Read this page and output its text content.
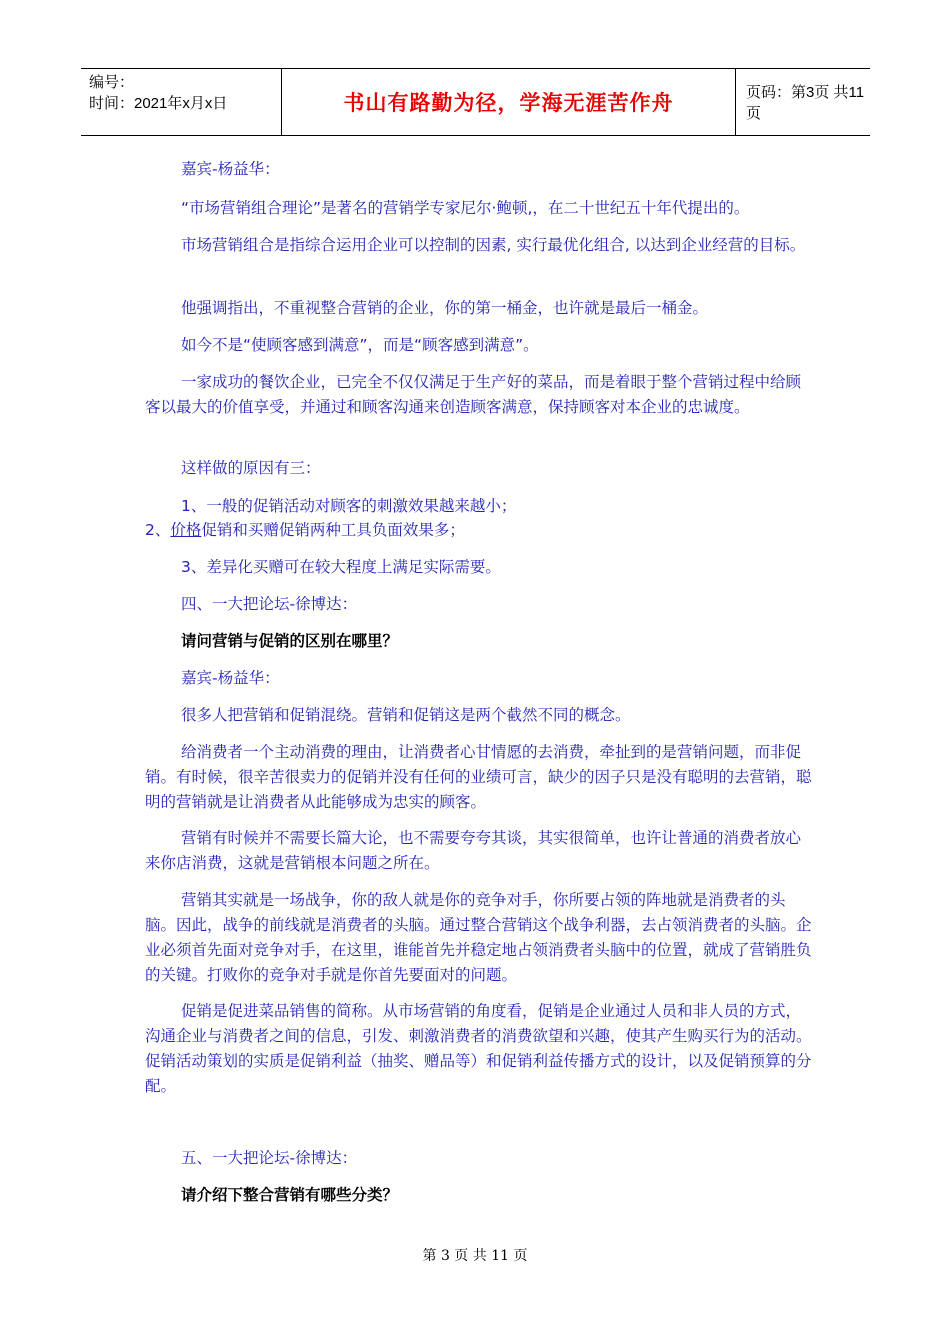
编号：
时间：2021年x月x日	书山有路勤为径，学海无涯苦作舟	页码：第3页 共11页

嘉宾-杨益华：

“市场营销组合理论”是著名的营销学专家尼尔·鲍顿,，在二十世纪五十年代提出的。

市场营销组合是指综合运用企业可以控制的因素, 实行最优化组合, 以达到企业经营的目标。

他强调指出，不重视整合营销的企业，你的第一桶金，也许就是最后一桶金。

如今不是“使顾客感到满意”，而是“顾客感到满意”。

一家成功的餐饮企业，已完全不仅仅满足于生产好的菜品，而是着眼于整个营销过程中给顾客以最大的价值享受，并通过和顾客沟通来创造顾客满意，保持顾客对本企业的忠诚度。

这样做的原因有三：

1、一般的促销活动对顾客的刺激效果越来越小；

2、价格促销和买赠促销两种工具负面效果多；

3、差异化买赠可在较大程度上满足实际需要。

四、一大把论坛-徐博达：

请问营销与促销的区别在哪里？

嘉宾-杨益华：

很多人把营销和促销混绕。营销和促销这是两个截然不同的概念。

给消费者一个主动消费的理由，让消费者心甘情愿的去消费，牵扯到的是营销问题，而非促销。有时候，很辛苦很卖力的促销并没有任何的业绩可言，缺少的因子只是没有聪明的去营销，聪明的营销就是让消费者从此能够成为忠实的顾客。

营销有时候并不需要长篇大论，也不需要夸夸其谈，其实很简单，也许让普通的消费者放心来你店消费，这就是营销根本问题之所在。

营销其实就是一场战争，你的敌人就是你的竞争对手，你所要占领的阵地就是消费者的头脑。因此，战争的前线就是消费者的头脑。通过整合营销这个战争利器，去占领消费者的头脑。企业必须首先面对竞争对手，在这里，谁能首先并稳定地占领消费者头脑中的位置，就成了营销胜负的关键。打败你的竞争对手就是你首先要面对的问题。

促销是促进菜品销售的简称。从市场营销的角度看，促销是企业通过人员和非人员的方式，沟通企业与消费者之间的信息，引发、刺激消费者的消费欲望和兴趣，使其产生购买行为的活动。促销活动策划的实质是促销利益（抽奖、赠品等）和促销利益传播方式的设计，以及促销预算的分配。

五、一大把论坛-徐博达：

请介绍下整合营销有哪些分类？

第 3 页 共 11 页
